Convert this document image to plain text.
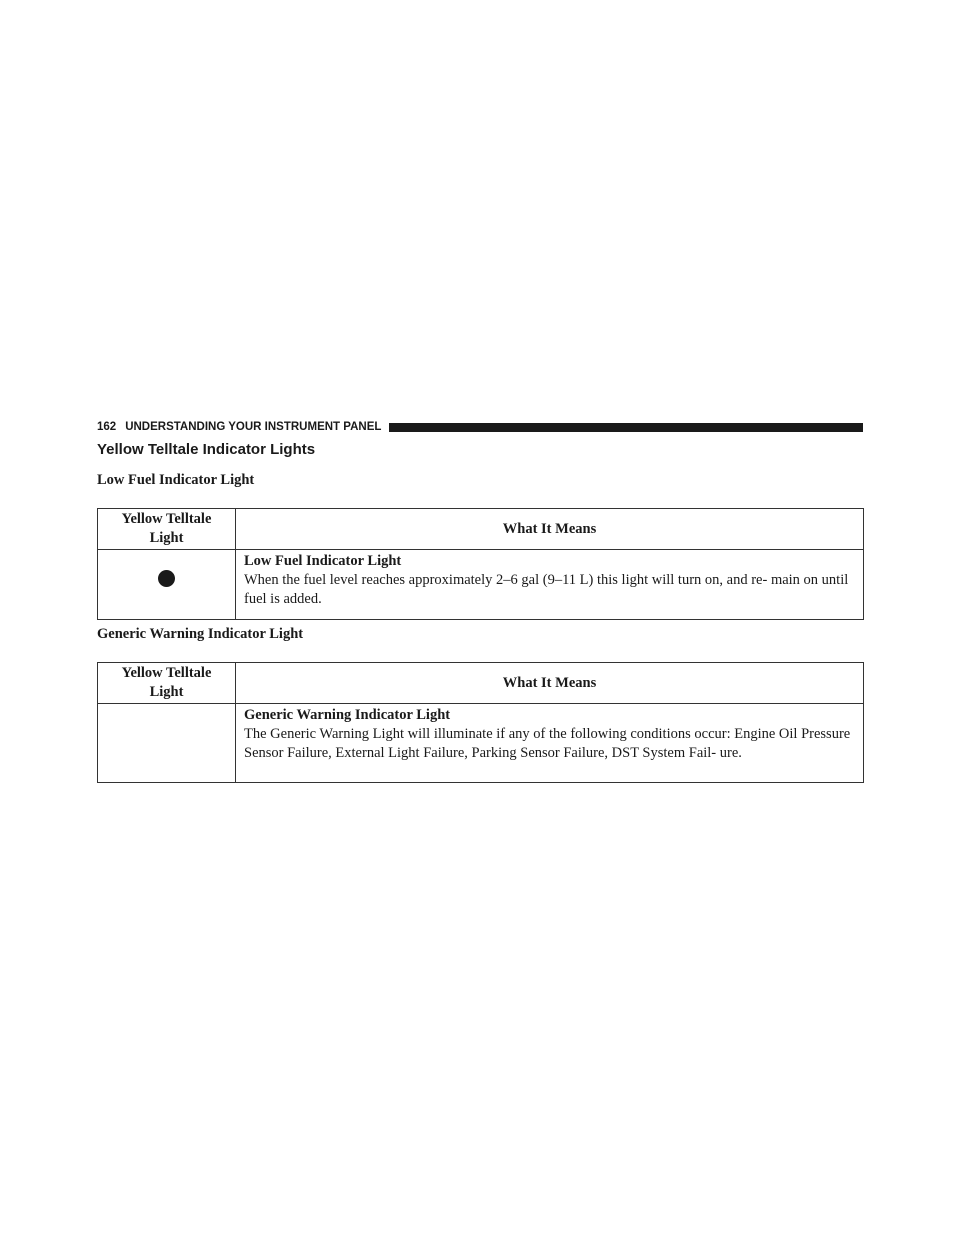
162 UNDERSTANDING YOUR INSTRUMENT PANEL
Yellow Telltale Indicator Lights
Low Fuel Indicator Light
Yellow Telltale Light	What It Means

	Low Fuel Indicator Light
When the fuel level reaches approximately 2–6 gal (9–11 L) this light will turn on, and re- main on until fuel is added.
Generic Warning Indicator Light
Yellow Telltale Light	What It Means

	Generic Warning Indicator Light
The Generic Warning Light will illuminate if any of the following conditions occur: Engine Oil Pressure Sensor Failure, External Light Failure, Parking Sensor Failure, DST System Fail- ure.
